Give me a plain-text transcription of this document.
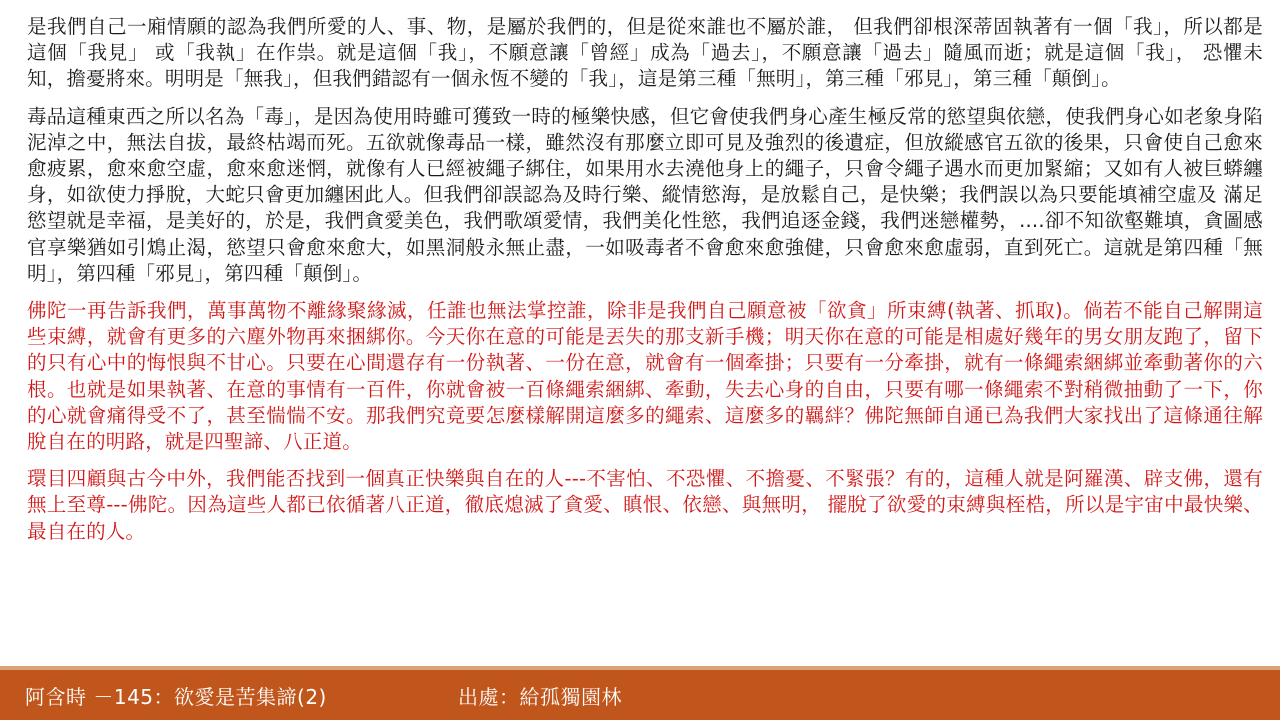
是我們自己一廂情願的認為我們所愛的人、事、物，是屬於我們的，但是從來誰也不屬於誰， 但我們卻根深蒂固執著有一個「我」，所以都是這個「我見」 或「我執」在作祟。就是這個「我」，不願意讓「曾經」成為「過去」，不願意讓「過去」隨風而逝；就是這個「我」， 恐懼未知，擔憂將來。明明是「無我」，但我們錯認有一個永恆不變的「我」，這是第三種「無明」，第三種「邪見」，第三種「顛倒」。

毒品這種東西之所以名為「毒」，是因為使用時雖可獲致一時的極樂快感，但它會使我們身心產生極反常的慾望與依戀，使我們身心如老象身陷泥淖之中，無法自拔，最終枯竭而死。五欲就像毒品一樣，雖然沒有那麼立即可見及強烈的後遺症，但放縱感官五欲的後果，只會使自己愈來愈疲累，愈來愈空虛，愈來愈迷惘，就像有人已經被繩子綁住，如果用水去澆他身上的繩子，只會令繩子遇水而更加緊縮；又如有人被巨蟒纏身，如欲使力掙脫，大蛇只會更加纏困此人。但我們卻誤認為及時行樂、縱情慾海，是放鬆自己，是快樂；我們誤以為只要能填補空虛及 滿足慾望就是幸福，是美好的，於是，我們貪愛美色，我們歌頌愛情，我們美化性慾，我們追逐金錢，我們迷戀權勢，....卻不知欲壑難填，貪圖感官享樂猶如引鴆止渴，慾望只會愈來愈大，如黑洞般永無止盡，一如吸毒者不會愈來愈強健，只會愈來愈虛弱，直到死亡。這就是第四種「無明」，第四種「邪見」，第四種「顛倒」。

佛陀一再告訴我們，萬事萬物不離緣聚緣滅，任誰也無法掌控誰，除非是我們自己願意被「欲貪」所束縛(執著、抓取)。倘若不能自己解開這些束縛，就會有更多的六塵外物再來捆綁你。今天你在意的可能是丟失的那支新手機；明天你在意的可能是相處好幾年的男女朋友跑了，留下的只有心中的悔恨與不甘心。只要在心間還存有一份執著、一份在意，就會有一個牽掛；只要有一分牽掛，就有一條繩索綑綁並牽動著你的六根。也就是如果執著、在意的事情有一百件，你就會被一百條繩索綑綁、牽動，失去心身的自由，只要有哪一條繩索不對稍微抽動了一下，你的心就會痛得受不了，甚至惴惴不安。那我們究竟要怎麼樣解開這麼多的繩索、這麼多的羈絆？佛陀無師自通已為我們大家找出了這條通往解脫自在的明路，就是四聖諦、八正道。

環目四顧與古今中外，我們能否找到一個真正快樂與自在的人---不害怕、不恐懼、不擔憂、不緊張？有的，這種人就是阿羅漢、辟支佛，還有無上至尊---佛陀。因為這些人都已依循著八正道，徹底熄滅了貪愛、瞋恨、依戀、與無明， 擺脫了欲愛的束縛與桎梏，所以是宇宙中最快樂、最自在的人。

阿含時 －145：欲愛是苦集諦(2)	出處：給孤獨園林
